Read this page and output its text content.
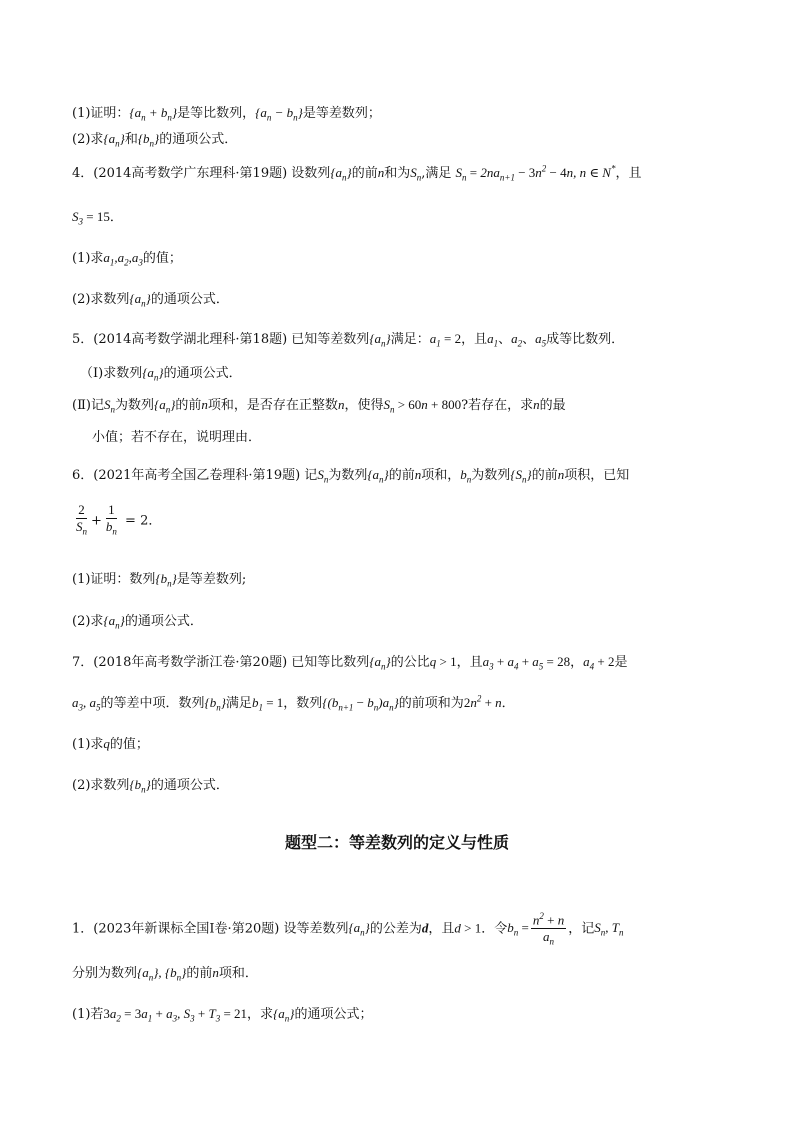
(1)证明：$\{a_n + b_n\}$是等比数列，$\{a_n - b_n\}$是等差数列；
(2)求$\{a_n\}$和$\{b_n\}$的通项公式．
4．(2014高考数学广东理科·第19题) 设数列$\{a_n\}$的前n和为$S_n$,满足 $S_n = 2na_{n+1} - 3n^2 - 4n$, n ∈ N*，且
$S_3 = 15$．
(1)求$a_1,a_2,a_3$的值；
(2)求数列$\{a_n\}$的通项公式．
5．(2014高考数学湖北理科·第18题) 已知等差数列$\{a_n\}$满足：$a_1 = 2$，且$a_1$、$a_2$、$a_5$成等比数列．
（Ⅰ)求数列$\{a_n\}$的通项公式．
(Ⅱ)记$S_n$为数列$\{a_n\}$的前n项和，是否存在正整数n，使得$S_n > 60n + 800$?若存在，求n的最
小值；若不存在，说明理由．
6．(2021年高考全国乙卷理科·第19题) 记$S_n$为数列$\{a_n\}$的前n项和，$b_n$为数列$\{S_n\}$的前n项积，已知
$\frac{2}{S_n} + \frac{1}{b_n} = 2$．
(1)证明：数列$\{b_n\}$是等差数列;
(2)求$\{a_n\}$的通项公式．
7．(2018年高考数学浙江卷·第20题) 已知等比数列$\{a_n\}$的公比q > 1，且$a_3 + a_4 + a_5 = 28$，$a_4 + 2$是
$a_3$, $a_5$的等差中项．数列$\{b_n\}$满足$b_1 = 1$，数列$\{(b_{n+1} - b_n)a_n\}$的前项和为$2n^2 + n$．
(1)求q的值；
(2)求数列$\{b_n\}$的通项公式．
题型二：等差数列的定义与性质
1．(2023年新课标全国Ⅰ卷·第20题) 设等差数列$\{a_n\}$的公差为d，且d > 1．令$b_n = \frac{n^2 + n}{a_n}$ ，记$S_n$, $T_n$
分别为数列$\{a_n\}$, $\{b_n\}$的前n项和．
(1)若$3a_2 = 3a_1 + a_3$, $S_3 + T_3 = 21$，求$\{a_n\}$的通项公式；
